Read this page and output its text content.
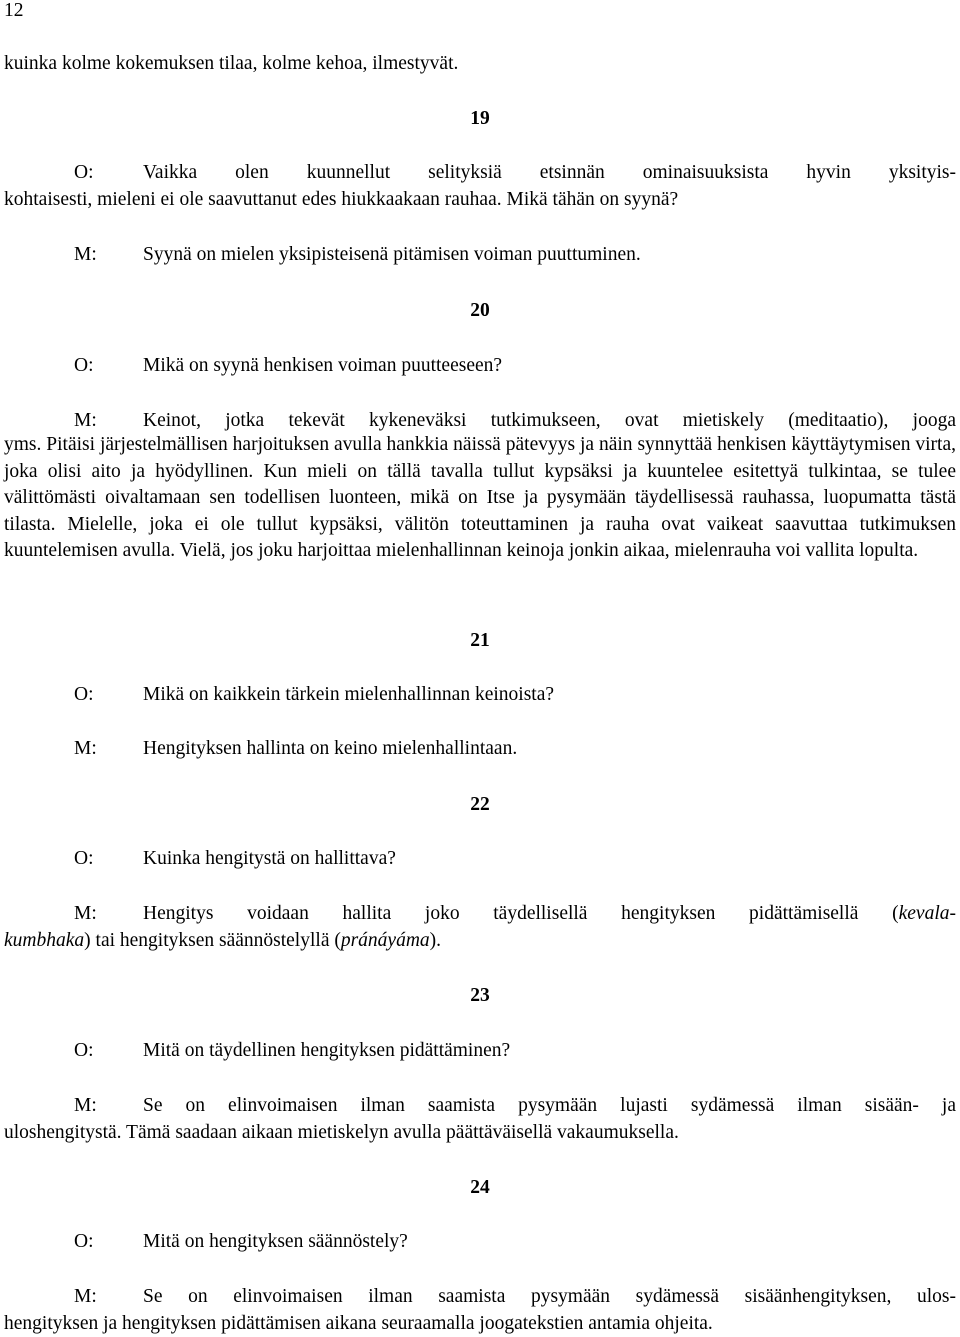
12
kuinka kolme kokemuksen tilaa, kolme kehoa, ilmestyvät.
19
O:	Vaikka olen kuunnellut selityksiä etsinnän ominaisuuksista hyvin yksityis-
kohtaisesti, mieleni ei ole saavuttanut edes hiukkaakaan rauhaa. Mikä tähän on syynä?
M: Syynä on mielen yksipisteisenä pitämisen voiman puuttuminen.
20
O:	Mikä on syynä henkisen voiman puutteeseen?
M: Keinot, jotka tekevät kykeneväksi tutkimukseen, ovat mietiskely (meditaatio), jooga
yms. Pitäisi järjestelmällisen harjoituksen avulla hankkia näissä pätevyys ja näin synnyttää henkisen käyttäytymisen virta, joka olisi aito ja hyödyllinen. Kun mieli on tällä tavalla tullut kypsäksi ja kuuntelee esitettyä tulkintaa, se tulee välittömästi oivaltamaan sen todellisen luonteen, mikä on Itse ja pysymään täydellisessä rauhassa, luopumatta tästä tilasta. Mielelle, joka ei ole tullut kypsäksi, välitön toteuttaminen ja rauha ovat vaikeat saavuttaa tutkimuksen kuuntelemisen avulla. Vielä, jos joku harjoittaa mielenhallinnan keinoja jonkin aikaa, mielenrauha voi vallita lopulta.
21
O:	Mikä on kaikkein tärkein mielenhallinnan keinoista?
M: Hengityksen hallinta on keino mielenhallintaan.
22
O:	Kuinka hengitystä on hallittava?
M: Hengitys voidaan hallita joko täydellisellä hengityksen pidättämisellä (kevala-
kumbhaka) tai hengityksen säännöstelyllä (pránáyáma).
23
O:	Mitä on täydellinen hengityksen pidättäminen?
M: Se on elinvoimaisen ilman saamista pysymään lujasti sydämessä ilman sisään- ja
uloshengitystä. Tämä saadaan aikaan mietiskelyn avulla päättäväisellä vakaumuksella.
24
O:	Mitä on hengityksen säännöstely?
M: Se on elinvoimaisen ilman saamista pysymään sydämessä sisäänhengityksen, ulos-
hengityksen ja hengityksen pidättämisen aikana seuraamalla joogatekstien antamia ohjeita.
